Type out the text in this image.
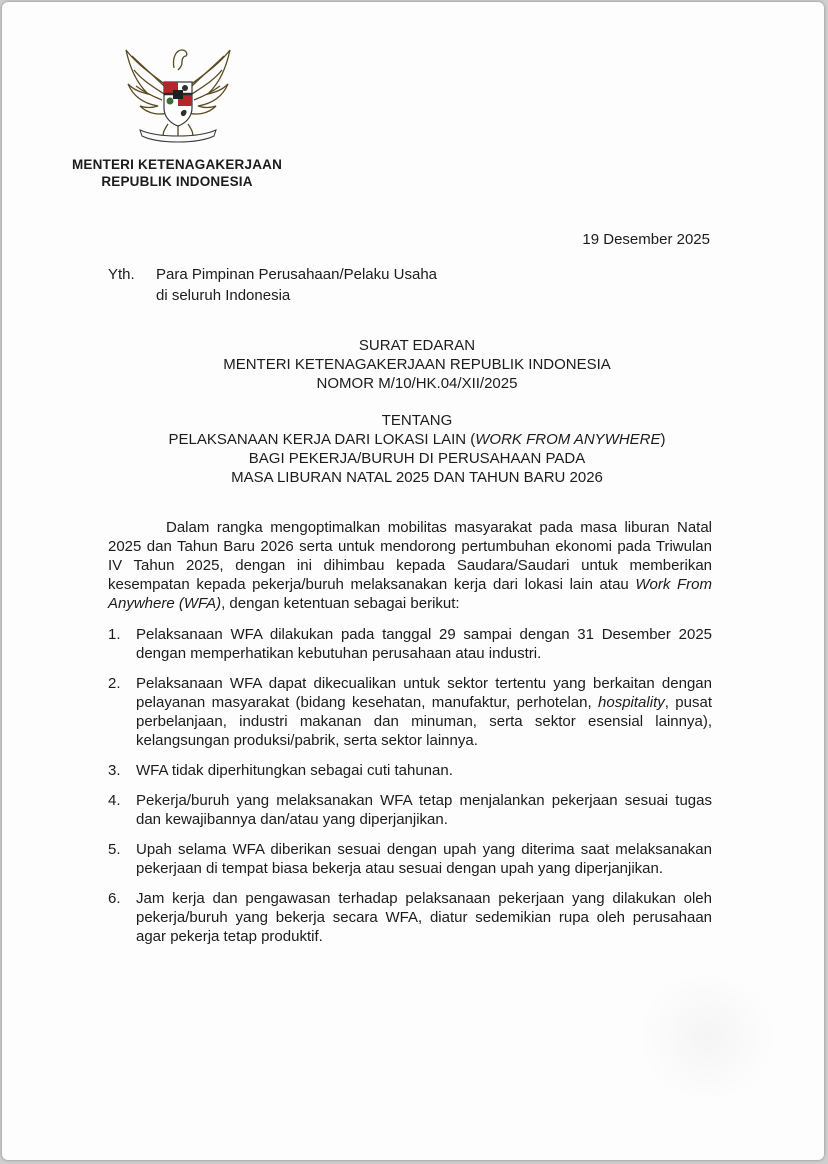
MENTERI KETENAGAKERJAAN
REPUBLIK INDONESIA
19 Desember 2025
Yth. Para Pimpinan Perusahaan/Pelaku Usaha
di seluruh Indonesia
SURAT EDARAN
MENTERI KETENAGAKERJAAN REPUBLIK INDONESIA
NOMOR M/10/HK.04/XII/2025
TENTANG
PELAKSANAAN KERJA DARI LOKASI LAIN (WORK FROM ANYWHERE)
BAGI PEKERJA/BURUH DI PERUSAHAAN PADA
MASA LIBURAN NATAL 2025 DAN TAHUN BARU 2026

Dalam rangka mengoptimalkan mobilitas masyarakat pada masa liburan Natal 2025 dan Tahun Baru 2026 serta untuk mendorong pertumbuhan ekonomi pada Triwulan IV Tahun 2025, dengan ini dihimbau kepada Saudara/Saudari untuk memberikan kesempatan kepada pekerja/buruh melaksanakan kerja dari lokasi lain atau Work From Anywhere (WFA), dengan ketentuan sebagai berikut:

1. Pelaksanaan WFA dilakukan pada tanggal 29 sampai dengan 31 Desember 2025 dengan memperhatikan kebutuhan perusahaan atau industri.
2. Pelaksanaan WFA dapat dikecualikan untuk sektor tertentu yang berkaitan dengan pelayanan masyarakat (bidang kesehatan, manufaktur, perhotelan, hospitality, pusat perbelanjaan, industri makanan dan minuman, serta sektor esensial lainnya), kelangsungan produksi/pabrik, serta sektor lainnya.
3. WFA tidak diperhitungkan sebagai cuti tahunan.
4. Pekerja/buruh yang melaksanakan WFA tetap menjalankan pekerjaan sesuai tugas dan kewajibannya dan/atau yang diperjanjikan.
5. Upah selama WFA diberikan sesuai dengan upah yang diterima saat melaksanakan pekerjaan di tempat biasa bekerja atau sesuai dengan upah yang diperjanjikan.
6. Jam kerja dan pengawasan terhadap pelaksanaan pekerjaan yang dilakukan oleh pekerja/buruh yang bekerja secara WFA, diatur sedemikian rupa oleh perusahaan agar pekerja tetap produktif.
